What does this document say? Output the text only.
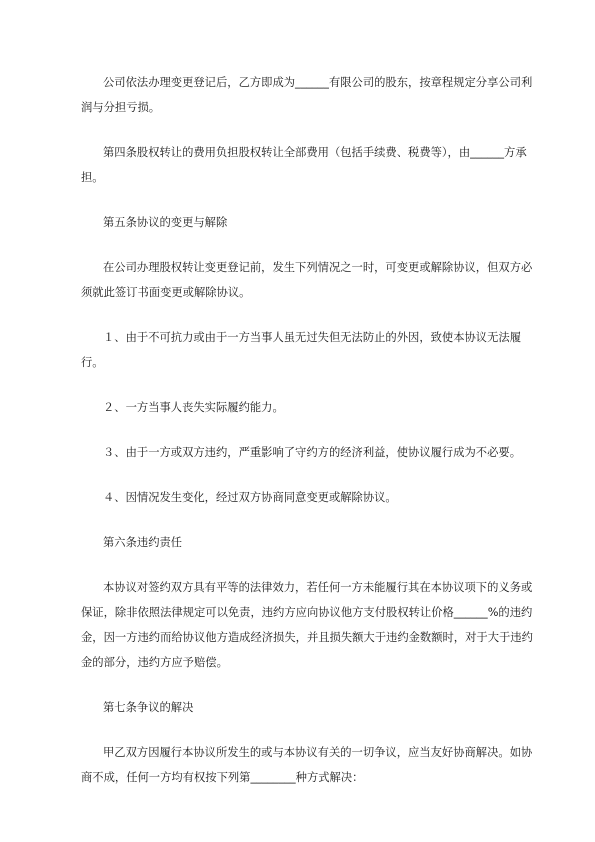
公司依法办理变更登记后，乙方即成为______有限公司的股东，按章程规定分享公司利润与分担亏损。

第四条股权转让的费用负担股权转让全部费用（包括手续费、税费等），由______方承担。

第五条协议的变更与解除

在公司办理股权转让变更登记前，发生下列情况之一时，可变更或解除协议，但双方必须就此签订书面变更或解除协议。

１、由于不可抗力或由于一方当事人虽无过失但无法防止的外因，致使本协议无法履行。

２、一方当事人丧失实际履约能力。

３、由于一方或双方违约，严重影响了守约方的经济利益，使协议履行成为不必要。

４、因情况发生变化，经过双方协商同意变更或解除协议。

第六条违约责任

本协议对签约双方具有平等的法律效力，若任何一方未能履行其在本协议项下的义务或保证，除非依照法律规定可以免责，违约方应向协议他方支付股权转让价格______%的违约金，因一方违约而给协议他方造成经济损失，并且损失额大于违约金数额时，对于大于违约金的部分，违约方应予赔偿。

第七条争议的解决

甲乙双方因履行本协议所发生的或与本协议有关的一切争议，应当友好协商解决。如协商不成，任何一方均有权按下列第________种方式解决：
